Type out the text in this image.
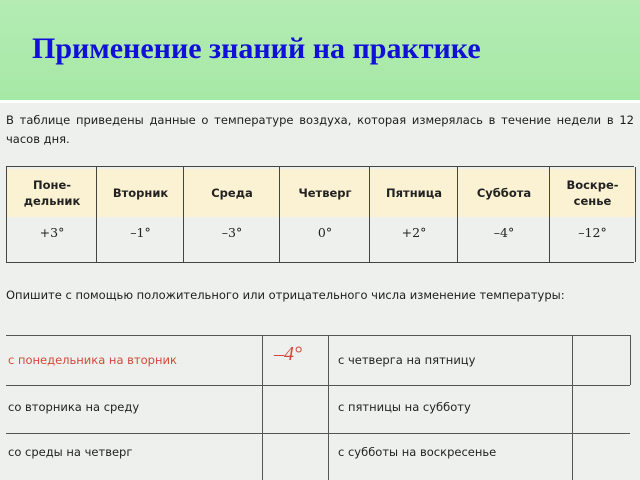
Применение знаний на практике
В таблице приведены данные о температуре воздуха, которая измерялась в течение недели в 12 часов дня.
Поне-
дельник
+3°
Вторник
–1°
Среда
–3°
Четверг
0°
Пятница
+2°
Суббота
–4°
Воскре-
сенье
–12°
Опишите с помощью положительного или отрицательного числа изменение температуры:
с понедельника на вторник	–4°
со вторника на среду
со среды на четверг
с четверга на пятницу
с пятницы на субботу
с субботы на воскресенье
